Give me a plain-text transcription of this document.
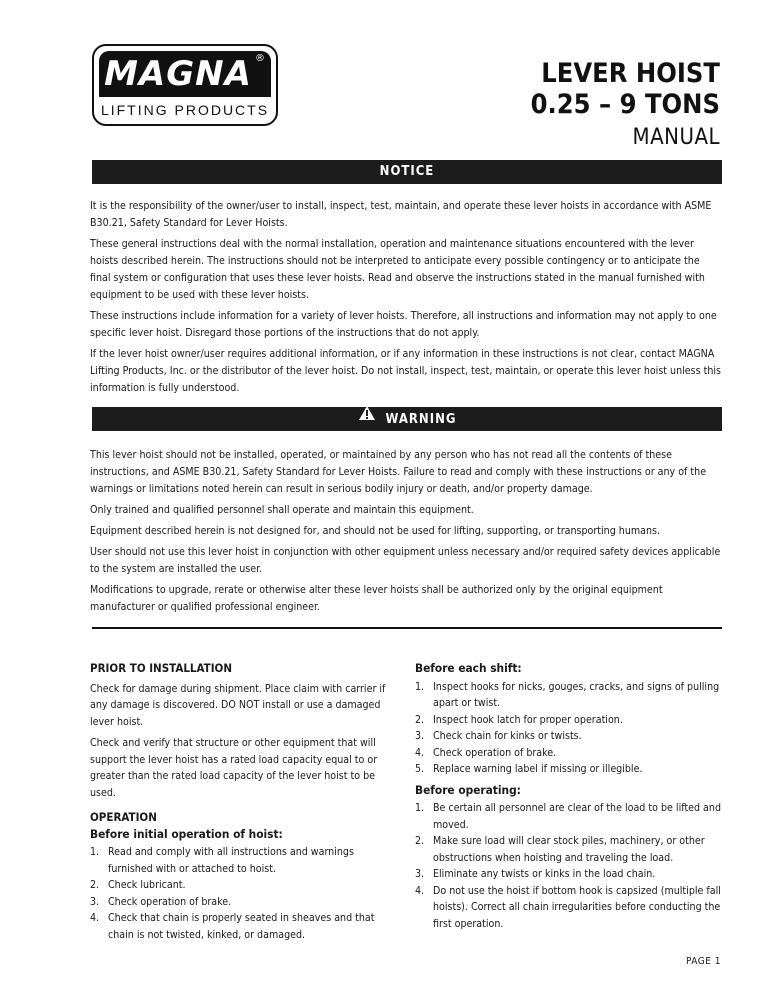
MAGNA ®
LIFTING PRODUCTS
LEVER HOIST
0.25 – 9 TONS
MANUAL
NOTICE

It is the responsibility of the owner/user to install, inspect, test, maintain, and operate these lever hoists in accordance with ASME B30.21, Safety Standard for Lever Hoists.

These general instructions deal with the normal installation, operation and maintenance situations encountered with the lever hoists described herein. The instructions should not be interpreted to anticipate every possible contingency or to anticipate the final system or configuration that uses these lever hoists. Read and observe the instructions stated in the manual furnished with equipment to be used with these lever hoists.

These instructions include information for a variety of lever hoists. Therefore, all instructions and information may not apply to one specific lever hoist. Disregard those portions of the instructions that do not apply.

If the lever hoist owner/user requires additional information, or if any information in these instructions is not clear, contact MAGNA Lifting Products, Inc. or the distributor of the lever hoist. Do not install, inspect, test, maintain, or operate this lever hoist unless this information is fully understood.

WARNING

This lever hoist should not be installed, operated, or maintained by any person who has not read all the contents of these instructions, and ASME B30.21, Safety Standard for Lever Hoists. Failure to read and comply with these instructions or any of the warnings or limitations noted herein can result in serious bodily injury or death, and/or property damage.

Only trained and qualified personnel shall operate and maintain this equipment.

Equipment described herein is not designed for, and should not be used for lifting, supporting, or transporting humans.

User should not use this lever hoist in conjunction with other equipment unless necessary and/or required safety devices applicable to the system are installed the user.

Modifications to upgrade, rerate or otherwise alter these lever hoists shall be authorized only by the original equipment manufacturer or qualified professional engineer.

PRIOR TO INSTALLATION

Check for damage during shipment. Place claim with carrier if any damage is discovered. DO NOT install or use a damaged lever hoist.

Check and verify that structure or other equipment that will support the lever hoist has a rated load capacity equal to or greater than the rated load capacity of the lever hoist to be used.

OPERATION
Before initial operation of hoist:
1. Read and comply with all instructions and warnings furnished with or attached to hoist.
2. Check lubricant.
3. Check operation of brake.
4. Check that chain is properly seated in sheaves and that chain is not twisted, kinked, or damaged.
Before each shift:
1. Inspect hooks for nicks, gouges, cracks, and signs of pulling apart or twist.
2. Inspect hook latch for proper operation.
3. Check chain for kinks or twists.
4. Check operation of brake.
5. Replace warning label if missing or illegible.
Before operating:
1. Be certain all personnel are clear of the load to be lifted and moved.
2. Make sure load will clear stock piles, machinery, or other obstructions when hoisting and traveling the load.
3. Eliminate any twists or kinks in the load chain.
4. Do not use the hoist if bottom hook is capsized (multiple fall hoists). Correct all chain irregularities before conducting the first operation.
PAGE 1
